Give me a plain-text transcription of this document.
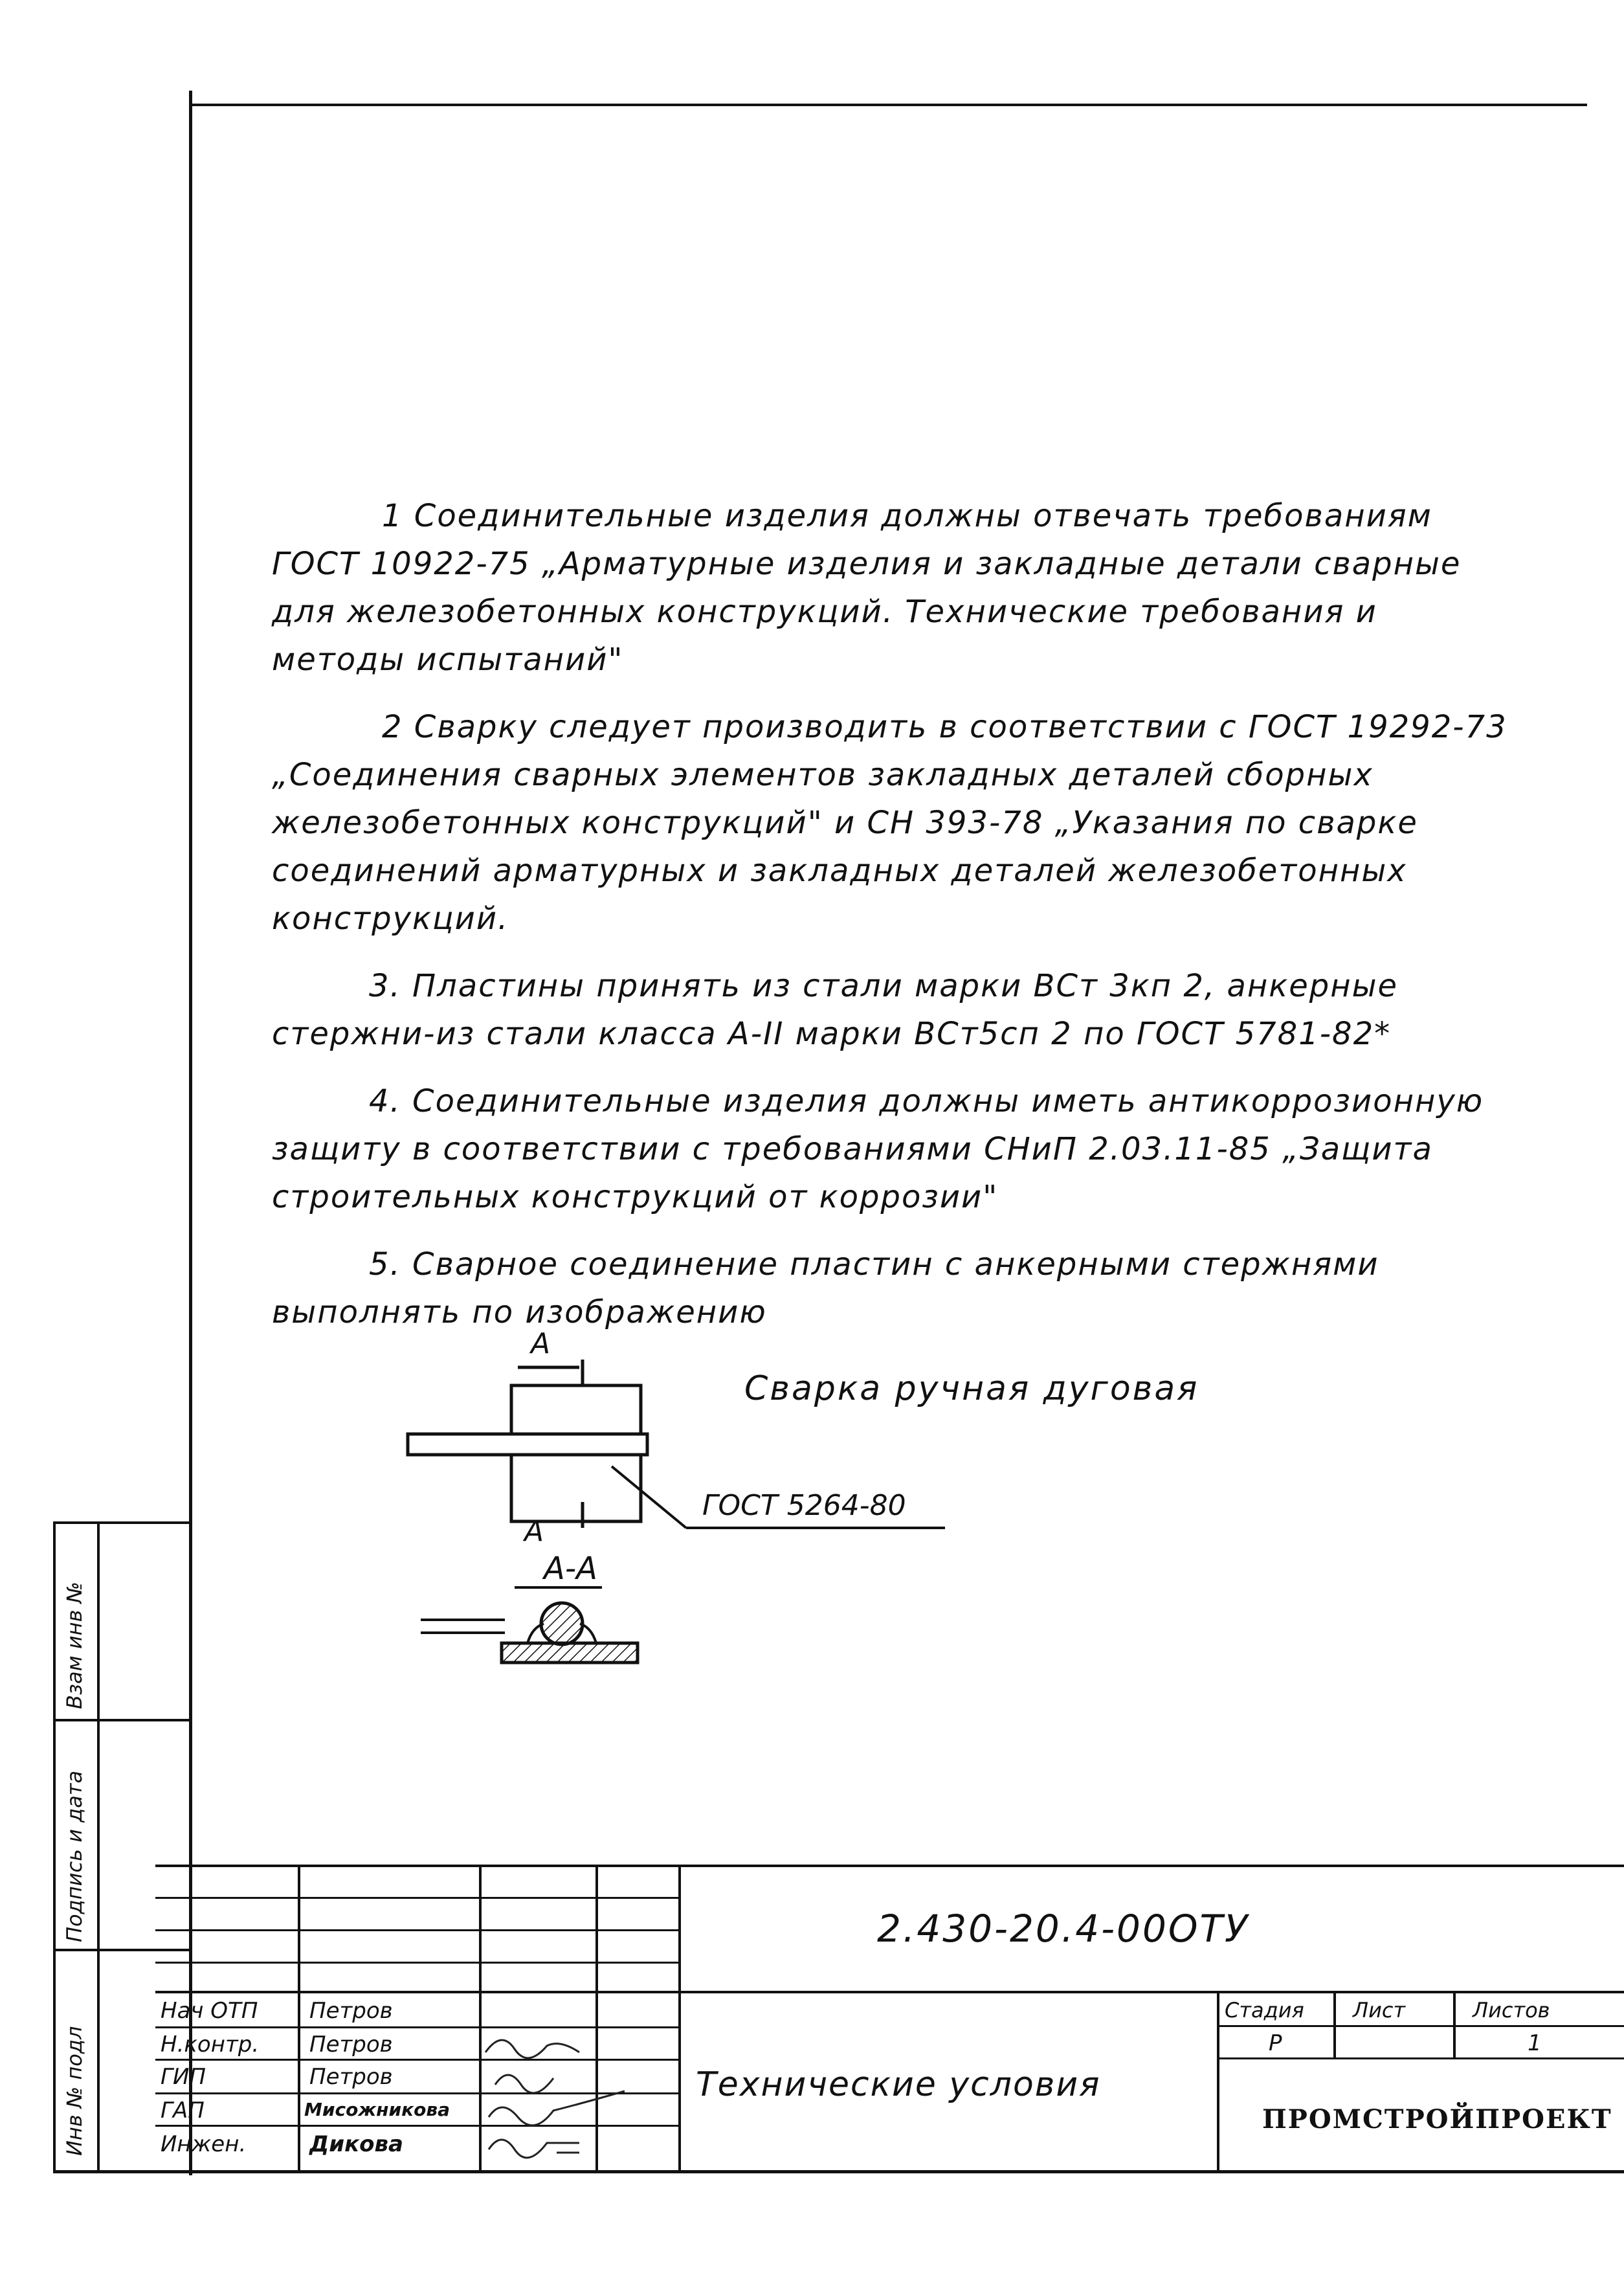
1 Соединительные изделия должны отвечать требованиям ГОСТ 10922-75 „Арматурные изделия и закладные детали сварные для железобетонных конструкций. Технические требования и методы испытаний"

2 Сварку следует производить в соответствии с ГОСТ 19292-73 „Соединения сварных элементов закладных деталей сборных железобетонных конструкций" и СН 393-78 „Указания по сварке соединений арматурных и закладных деталей железобетонных конструкций.

3. Пластины принять из стали марки ВСт 3кп 2, анкерные стержни-из стали класса А-II марки ВСт5сп 2 по ГОСТ 5781-82*

4. Соединительные изделия должны иметь антикоррозионную защиту в соответствии с требованиями СНиП 2.03.11-85 „Защита строительных конструкций от коррозии"

5. Сварное соединение пластин с анкерными стержнями выполнять по изображению

А
А
А-А
Сварка ручная дуговая
ГОСТ 5264-80
Взам инв №
Подпись и дата
Инв № подл
2.430-20.4-00ОТУ
Технические условия
Нач ОТП
Н.контр.
ГИП
ГАП
Инжен.
Петров
Петров
Петров
Мисожникова
Дикова
Стадия Лист	Листов
Р	1
ПРОМСТРОЙПРОЕКТ
